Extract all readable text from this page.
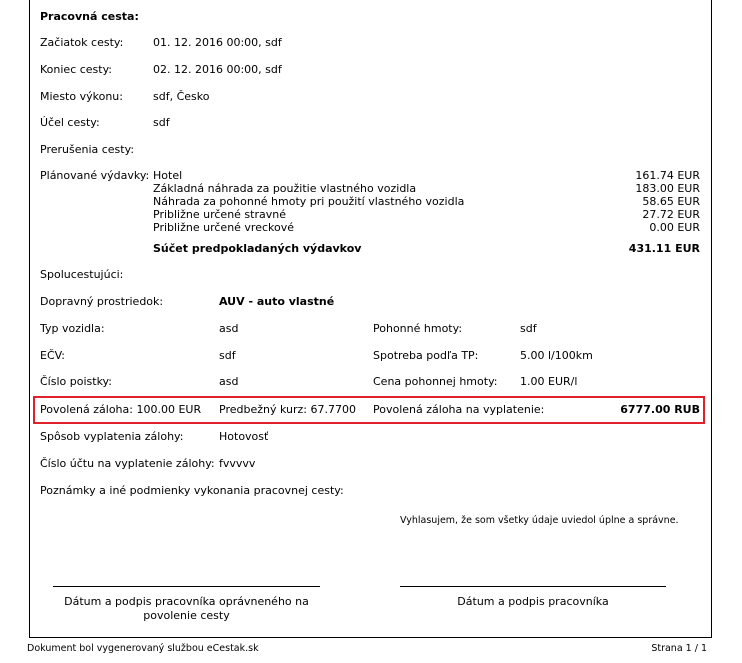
Pracovná cesta:
Začiatok cesty:	01. 12. 2016 00:00, sdf
Koniec cesty:	02. 12. 2016 00:00, sdf
Miesto výkonu:	sdf, Česko
Účel cesty:	sdf
Prerušenia cesty:
Plánované výdavky: Hotel	161.74 EUR
Základná náhrada za použitie vlastného vozidla	183.00 EUR
Náhrada za pohonné hmoty pri použití vlastného vozidla	58.65 EUR
Približne určené stravné	27.72 EUR
Približne určené vreckové	0.00 EUR
Súčet predpokladaných výdavkov	431.11 EUR
Spolucestujúci:
Dopravný prostriedok:	AUV - auto vlastné
Typ vozidla:	asd	Pohonné hmoty:	sdf
EČV:	sdf	Spotreba podľa TP:	5.00 l/100km
Číslo poistky:	asd	Cena pohonnej hmoty: 1.00 EUR/l
Povolená záloha: 100.00 EUR Predbežný kurz: 67.7700 Povolená záloha na vyplatenie:	6777.00 RUB
Spôsob vyplatenia zálohy:	Hotovosť
Číslo účtu na vyplatenie zálohy: fvvvvv
Poznámky a iné podmienky vykonania pracovnej cesty:
Vyhlasujem, že som všetky údaje uviedol úplne a správne.
Dátum a podpis pracovníka oprávneného na povolenie cesty
Dátum a podpis pracovníka
Dokument bol vygenerovaný službou eCestak.sk	Strana 1 / 1
